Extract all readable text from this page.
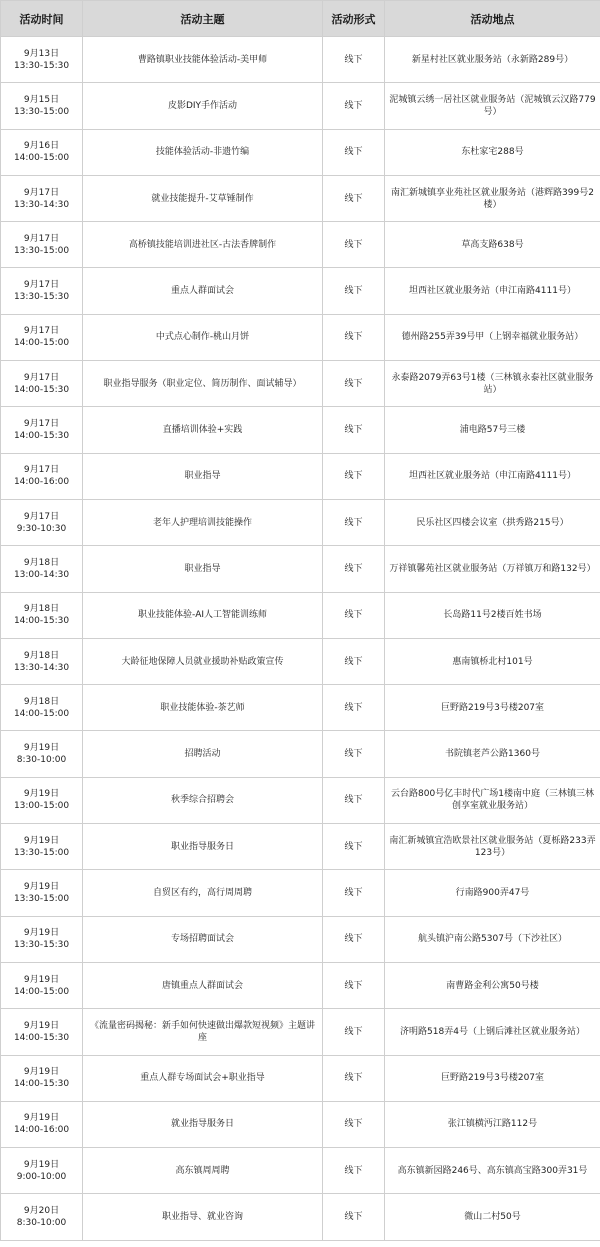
活动时间	活动主题	活动形式	活动地点

9月13日
13:30-15:30	曹路镇职业技能体验活动-美甲师	线下	新星村社区就业服务站（永新路289号）

9月15日
13:30-15:00	皮影DIY手作活动	线下	泥城镇云绣一居社区就业服务站（泥城镇云汉路779号）

9月16日
14:00-15:00	技能体验活动-非遗竹编	线下	东杜家宅288号

9月17日
13:30-14:30	就业技能提升-艾草锤制作	线下	南汇新城镇享业苑社区就业服务站（港辉路399号2楼）

9月17日
13:30-15:00	高桥镇技能培训进社区-古法香牌制作	线下	草高支路638号

9月17日
13:30-15:30	重点人群面试会	线下	坦西社区就业服务站（申江南路4111号）

9月17日
14:00-15:00	中式点心制作-桃山月饼	线下	德州路255弄39号甲（上钢幸福就业服务站）

9月17日
14:00-15:30	职业指导服务（职业定位、简历制作、面试辅导）	线下	永泰路2079弄63号1楼（三林镇永泰社区就业服务站）

9月17日
14:00-15:30	直播培训体验+实践	线下	浦电路57号三楼

9月17日
14:00-16:00	职业指导	线下	坦西社区就业服务站（申江南路4111号）

9月17日
9:30-10:30	老年人护理培训技能操作	线下	民乐社区四楼会议室（拱秀路215号）

9月18日
13:00-14:30	职业指导	线下	万祥镇馨苑社区就业服务站（万祥镇万和路132号）

9月18日
14:00-15:30	职业技能体验-AI人工智能训练师	线下	长岛路11号2楼百姓书场

9月18日
13:30-14:30	大龄征地保障人员就业援助补贴政策宣传	线下	惠南镇桥北村101号

9月18日
14:00-15:00	职业技能体验-茶艺师	线下	巨野路219号3号楼207室

9月19日
8:30-10:00	招聘活动	线下	书院镇老芦公路1360号

9月19日
13:00-15:00	秋季综合招聘会	线下	云台路800号亿丰时代广场1楼南中庭（三林镇三林创享室就业服务站）

9月19日
13:30-15:00	职业指导服务日	线下	南汇新城镇宜浩欧景社区就业服务站（夏栎路233弄123号）

9月19日
13:30-15:00	自贸区有约，高行周周聘	线下	行南路900弄47号

9月19日
13:30-15:30	专场招聘面试会	线下	航头镇沪南公路5307号（下沙社区）

9月19日
14:00-15:00	唐镇重点人群面试会	线下	南曹路金利公寓50号楼

9月19日
14:00-15:30	《流量密码揭秘：新手如何快速做出爆款短视频》主题讲座	线下	济明路518弄4号（上钢后滩社区就业服务站）

9月19日
14:00-15:30	重点人群专场面试会+职业指导	线下	巨野路219号3号楼207室

9月19日
14:00-16:00	就业指导服务日	线下	张江镇横沔江路112号

9月19日
9:00-10:00	高东镇周周聘	线下	高东镇新园路246号、高东镇高宝路300弄31号

9月20日
8:30-10:00	职业指导、就业咨询	线下	微山二村50号
